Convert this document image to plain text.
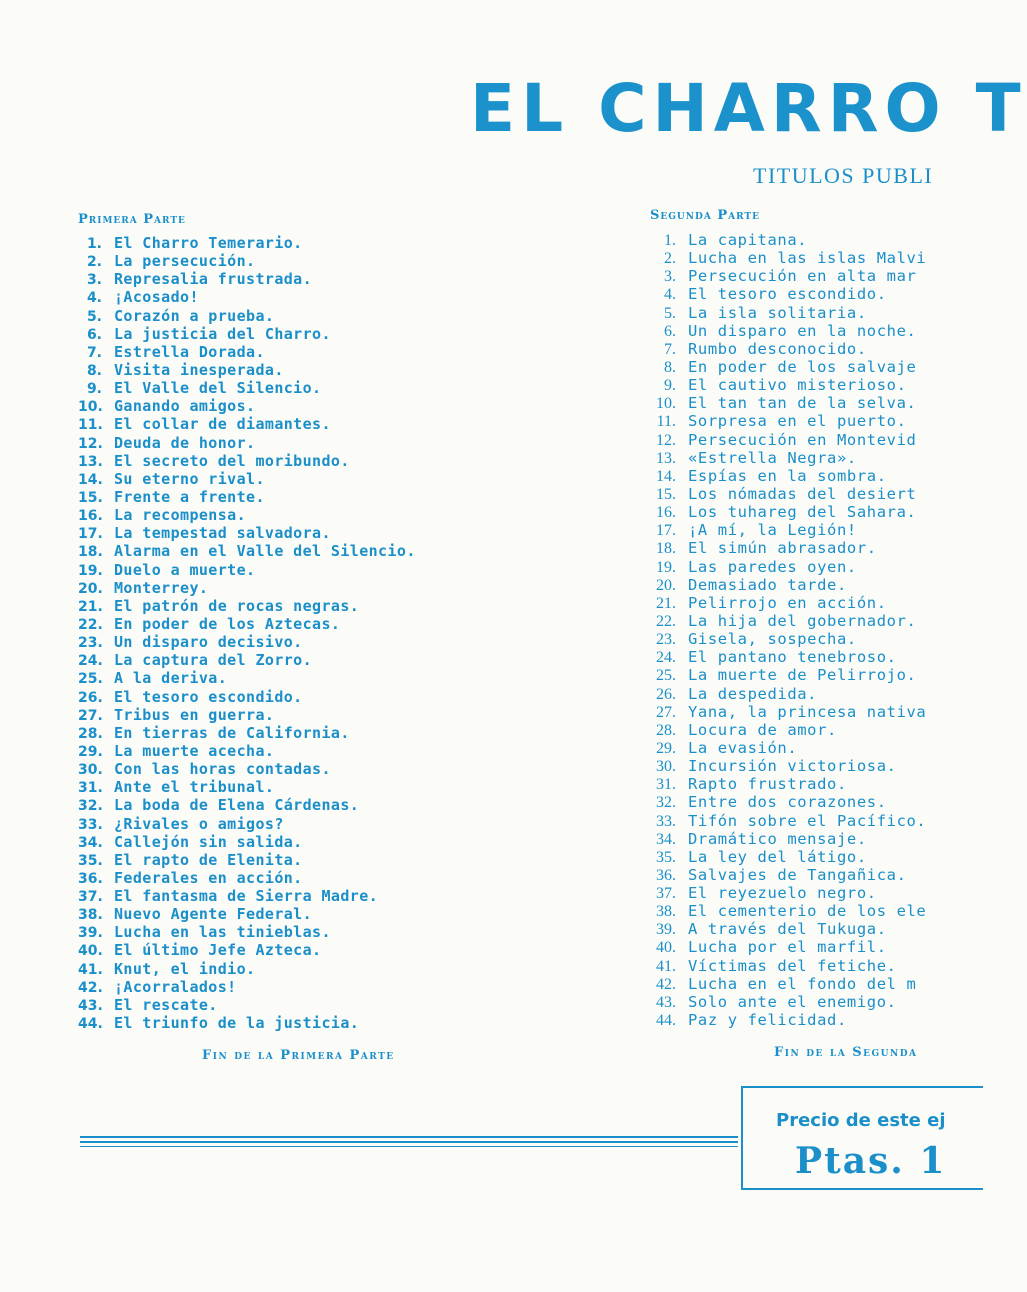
EL CHARRO T
TITULOS PUBLI

Primera Parte

1. El Charro Temerario.
2. La persecución.
3. Represalia frustrada.
4. ¡Acosado!
5. Corazón a prueba.
6. La justicia del Charro.
7. Estrella Dorada.
8. Visita inesperada.
9. El Valle del Silencio.
10. Ganando amigos.
11. El collar de diamantes.
12. Deuda de honor.
13. El secreto del moribundo.
14. Su eterno rival.
15. Frente a frente.
16. La recompensa.
17. La tempestad salvadora.
18. Alarma en el Valle del Silencio.
19. Duelo a muerte.
20. Monterrey.
21. El patrón de rocas negras.
22. En poder de los Aztecas.
23. Un disparo decisivo.
24. La captura del Zorro.
25. A la deriva.
26. El tesoro escondido.
27. Tribus en guerra.
28. En tierras de California.
29. La muerte acecha.
30. Con las horas contadas.
31. Ante el tribunal.
32. La boda de Elena Cárdenas.
33. ¿Rivales o amigos?
34. Callejón sin salida.
35. El rapto de Elenita.
36. Federales en acción.
37. El fantasma de Sierra Madre.
38. Nuevo Agente Federal.
39. Lucha en las tinieblas.
40. El último Jefe Azteca.
41. Knut, el indio.
42. ¡Acorralados!
43. El rescate.
44. El triunfo de la justicia.

Fin de la Primera Parte

Segunda Parte

1. La capitana.
2. Lucha en las islas Malvi
3. Persecución en alta mar
4. El tesoro escondido.
5. La isla solitaria.
6. Un disparo en la noche.
7. Rumbo desconocido.
8. En poder de los salvaje
9. El cautivo misterioso.
10. El tan tan de la selva.
11. Sorpresa en el puerto.
12. Persecución en Montevid
13. «Estrella Negra».
14. Espías en la sombra.
15. Los nómadas del desiert
16. Los tuhareg del Sahara.
17. ¡A mí, la Legión!
18. El simún abrasador.
19. Las paredes oyen.
20. Demasiado tarde.
21. Pelirrojo en acción.
22. La hija del gobernador.
23. Gisela, sospecha.
24. El pantano tenebroso.
25. La muerte de Pelirrojo.
26. La despedida.
27. Yana, la princesa nativa
28. Locura de amor.
29. La evasión.
30. Incursión victoriosa.
31. Rapto frustrado.
32. Entre dos corazones.
33. Tifón sobre el Pacífico.
34. Dramático mensaje.
35. La ley del látigo.
36. Salvajes de Tangañica.
37. El reyezuelo negro.
38. El cementerio de los ele
39. A través del Tukuga.
40. Lucha por el marfil.
41. Víctimas del fetiche.
42. Lucha en el fondo del m
43. Solo ante el enemigo.
44. Paz y felicidad.

Fin de la Segunda

Precio de este ej
Ptas. 1
